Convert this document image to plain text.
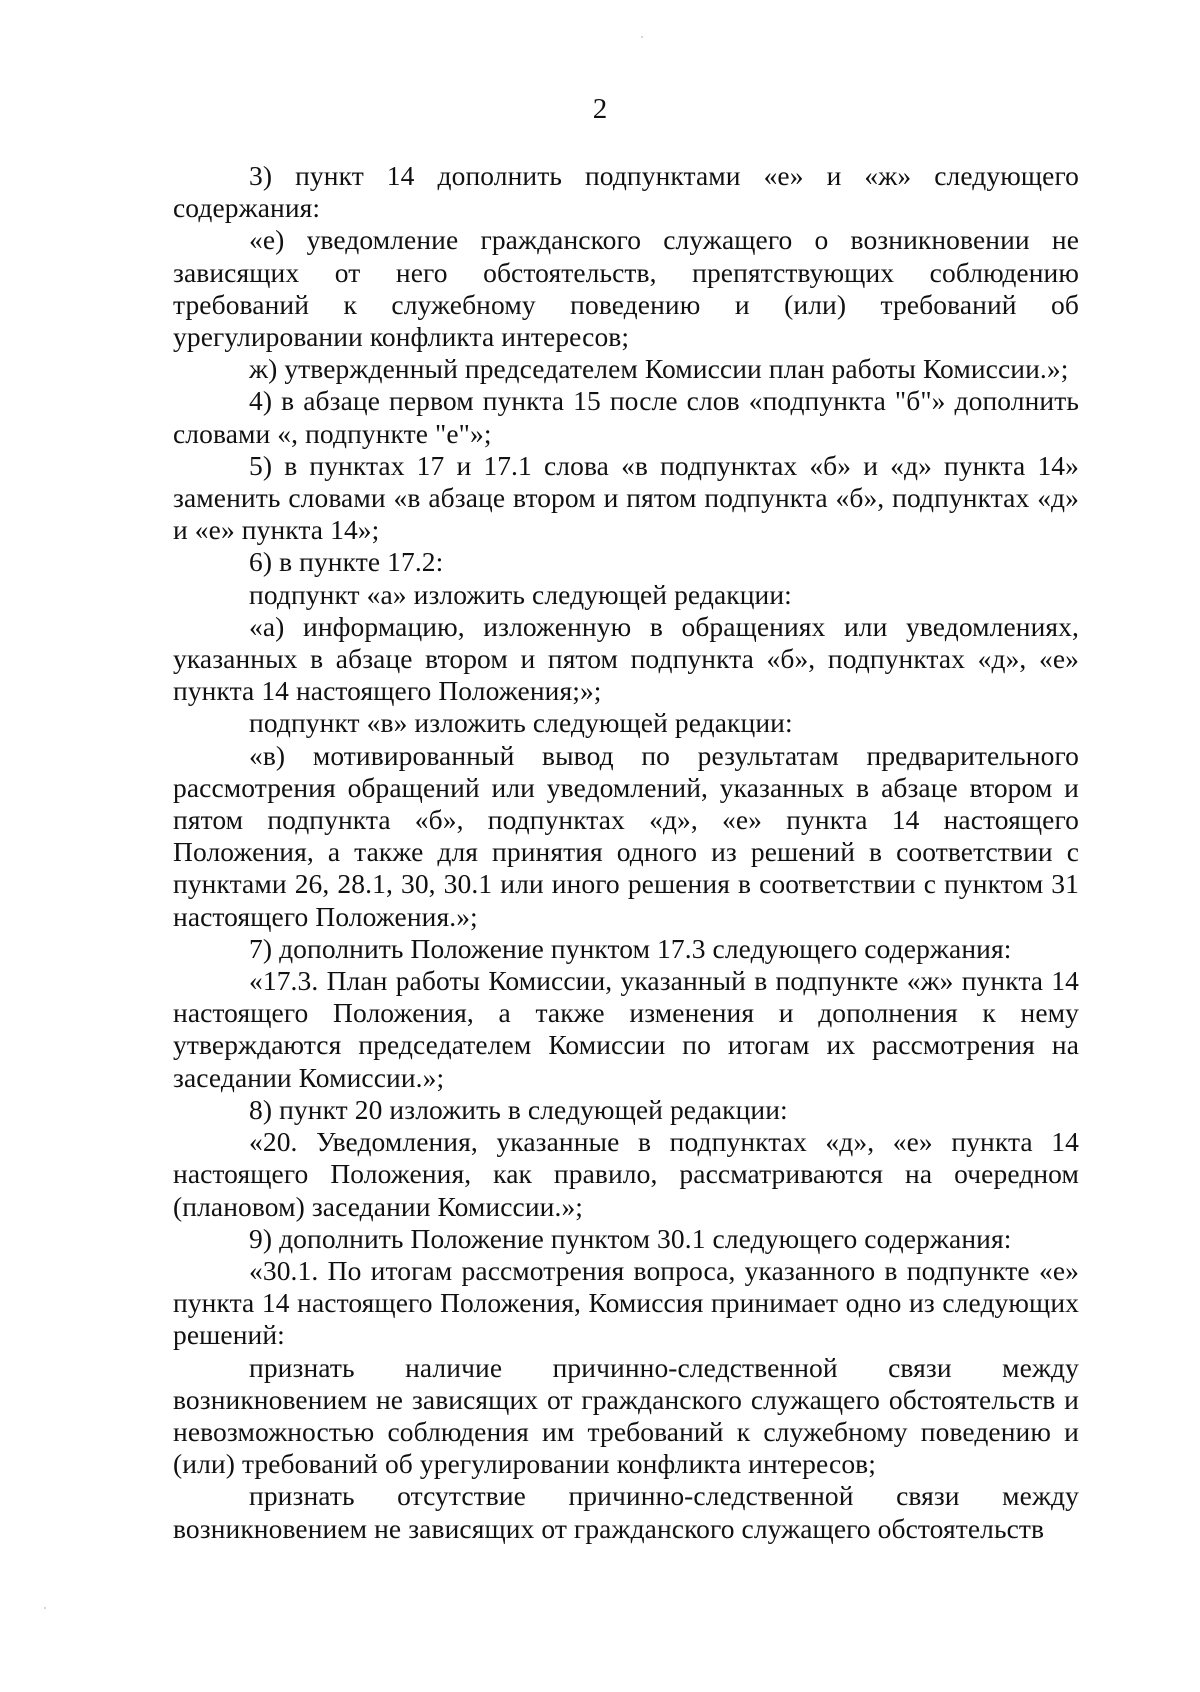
2

3) пункт 14 дополнить подпунктами «е» и «ж» следующего содержания:

«е) уведомление гражданского служащего о возникновении не зависящих от него обстоятельств, препятствующих соблюдению требований к служебному поведению и (или) требований об урегулировании конфликта интересов;

ж) утвержденный председателем Комиссии план работы Комиссии.»;

4) в абзаце первом пункта 15 после слов «подпункта "б"» дополнить словами «, подпункте "е"»;

5) в пунктах 17 и 17.1 слова «в подпунктах «б» и «д» пункта 14» заменить словами «в абзаце втором и пятом подпункта «б», подпунктах «д» и «е» пункта 14»;

6) в пункте 17.2:

подпункт «а» изложить следующей редакции:

«а) информацию, изложенную в обращениях или уведомлениях, указанных в абзаце втором и пятом подпункта «б», подпунктах «д», «е» пункта 14 настоящего Положения;»;

подпункт «в» изложить следующей редакции:

«в) мотивированный вывод по результатам предварительного рассмотрения обращений или уведомлений, указанных в абзаце втором и пятом подпункта «б», подпунктах «д», «е» пункта 14 настоящего Положения, а также для принятия одного из решений в соответствии с пунктами 26, 28.1, 30, 30.1 или иного решения в соответствии с пунктом 31 настоящего Положения.»;

7) дополнить Положение пунктом 17.3 следующего содержания:

«17.3. План работы Комиссии, указанный в подпункте «ж» пункта 14 настоящего Положения, а также изменения и дополнения к нему утверждаются председателем Комиссии по итогам их рассмотрения на заседании Комиссии.»;

8) пункт 20 изложить в следующей редакции:

«20. Уведомления, указанные в подпунктах «д», «е» пункта 14 настоящего Положения, как правило, рассматриваются на очередном (плановом) заседании Комиссии.»;

9) дополнить Положение пунктом 30.1 следующего содержания:

«30.1. По итогам рассмотрения вопроса, указанного в подпункте «е» пункта 14 настоящего Положения, Комиссия принимает одно из следующих решений:

признать наличие причинно-следственной связи между возникновением не зависящих от гражданского служащего обстоятельств и невозможностью соблюдения им требований к служебному поведению и (или) требований об урегулировании конфликта интересов;

признать отсутствие причинно-следственной связи между возникновением не зависящих от гражданского служащего обстоятельств
